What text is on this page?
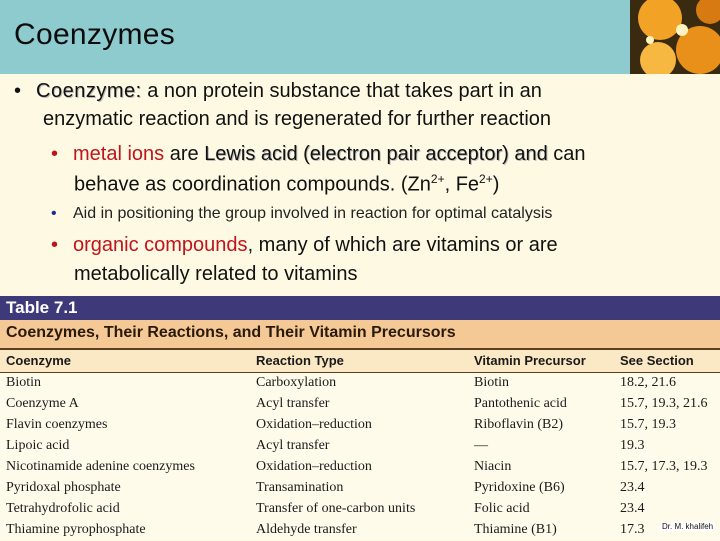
Coenzymes
• Coenzyme: a non protein substance that takes part in an
enzymatic reaction and is regenerated for further reaction
• metal ions are Lewis acid (electron pair acceptor) and can
behave as coordination compounds. ($Zn^{2+}$, $Fe^{2+}$)
• Aid in positioning the group involved in reaction for optimal catalysis
• organic compounds, many of which are vitamins or are
metabolically related to vitamins
Table 7.1
Coenzymes, Their Reactions, and Their Vitamin Precursors
Coenzyme	Reaction Type	Vitamin Precursor	See Section
Biotin	Carboxylation	Biotin	18.2, 21.6
Coenzyme A	Acyl transfer	Pantothenic acid	15.7, 19.3, 21.6
Flavin coenzymes	Oxidation–reduction	Riboflavin (B2)	15.7, 19.3
Lipoic acid	Acyl transfer	—	19.3
Nicotinamide adenine coenzymes	Oxidation–reduction	Niacin	15.7, 17.3, 19.3
Pyridoxal phosphate	Transamination	Pyridoxine (B6)	23.4
Tetrahydrofolic acid	Transfer of one-carbon units	Folic acid	23.4
Thiamine pyrophosphate	Aldehyde transfer	Thiamine (B1)	17.3 Dr. M. khalifeh
